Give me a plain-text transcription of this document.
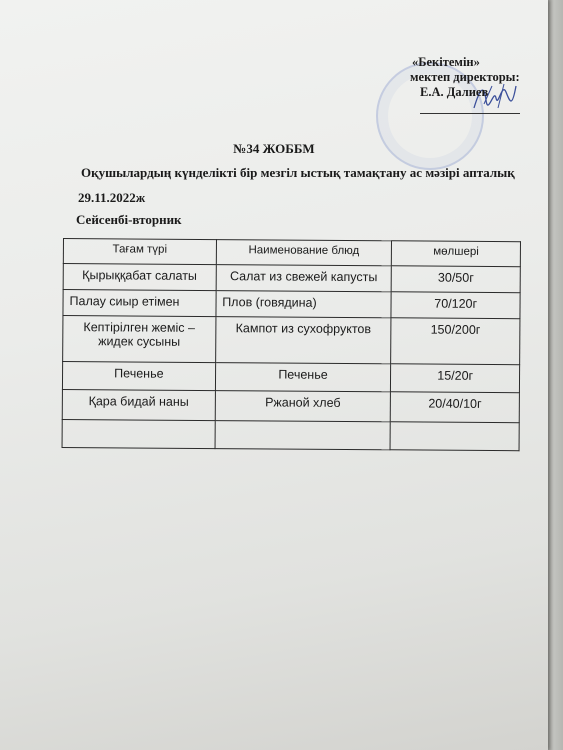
«Бекітемін»
мектеп директоры:
Е.А. Далиев
№34 ЖОББМ
Оқушылардың күнделікті бір мезгіл ыстық тамақтану ас мәзірі апталық
29.11.2022ж
Сейсенбі-вторник
Тағам түрі	Наименование блюд	мөлшері
Қырыққабат салаты	Салат из свежей капусты	30/50г
Палау сиыр етімен	Плов (говядина)	70/120г
Кептірілген жеміс – жидек сусыны	Кампот из сухофруктов	150/200г
Печенье	Печенье	15/20г
Қара бидай наны	Ржаной хлеб	20/40/10г
